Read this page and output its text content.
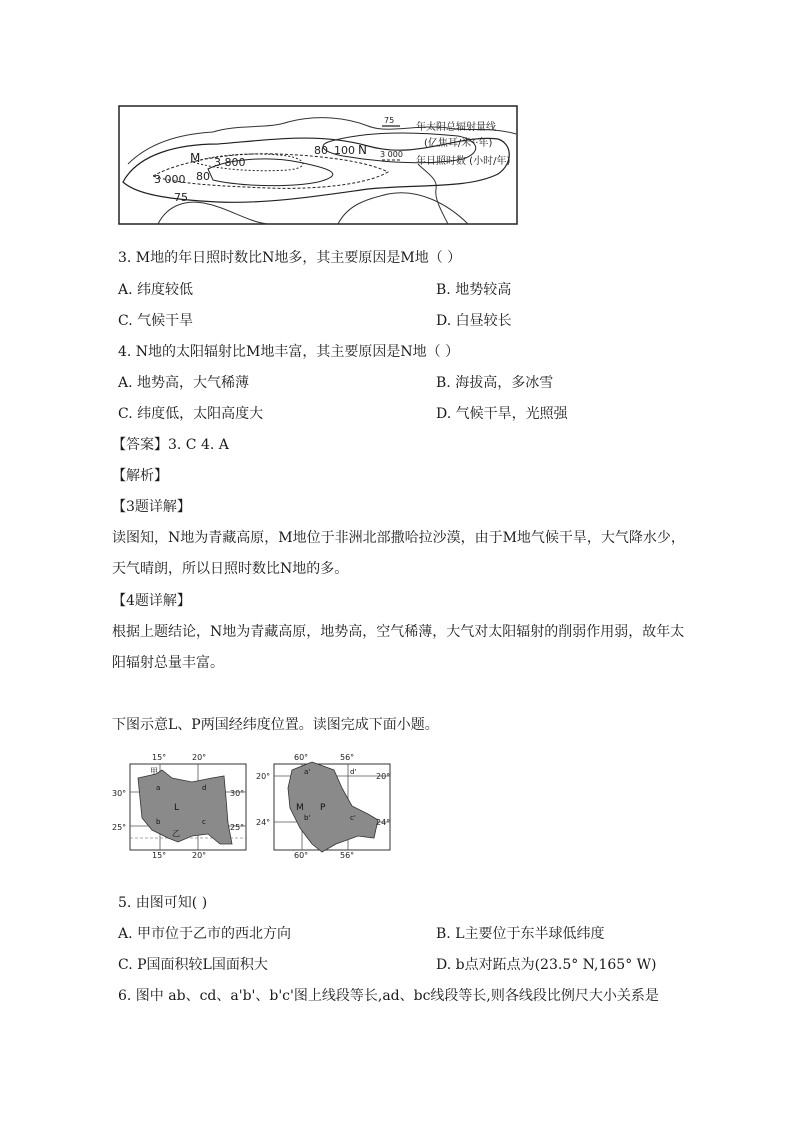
M 3 800
3 000 80
75
80 100 N
75
年太阳总辐射量线
(亿焦耳/米²·年)
3 000
年日照时数 (小时/年)
3. M地的年日照时数比N地多，其主要原因是M地（ ）
A. 纬度较低	B. 地势较高
C. 气候干旱	D. 白昼较长
4. N地的太阳辐射比M地丰富，其主要原因是N地（ ）
A. 地势高，大气稀薄	B. 海拔高，多冰雪
C. 纬度低，太阳高度大	D. 气候干旱，光照强
【答案】3. C 4. A
【解析】
【3题详解】
读图知，N地为青藏高原，M地位于非洲北部撒哈拉沙漠，由于M地气候干旱，大气降水少，
天气晴朗，所以日照时数比N地的多。
【4题详解】
根据上题结论，N地为青藏高原，地势高，空气稀薄，大气对太阳辐射的削弱作用弱，故年太
阳辐射总量丰富。
下图示意L、P两国经纬度位置。读图完成下面小题。
15°	20°
15°	20°
30°
25°
30°
25°
甲
乙
L
a
b	c
d
60°	56°
60°	56°
20°
24°
20°
24°
M P
a'
b'	c'
d'
5. 由图可知( )
A. 甲市位于乙市的西北方向	B. L主要位于东半球低纬度
C. P国面积较L国面积大	D. b点对跖点为(23.5° N,165° W)
6. 图中 ab、cd、a'b'、b'c'图上线段等长,ad、bc线段等长,则各线段比例尺大小关系是
